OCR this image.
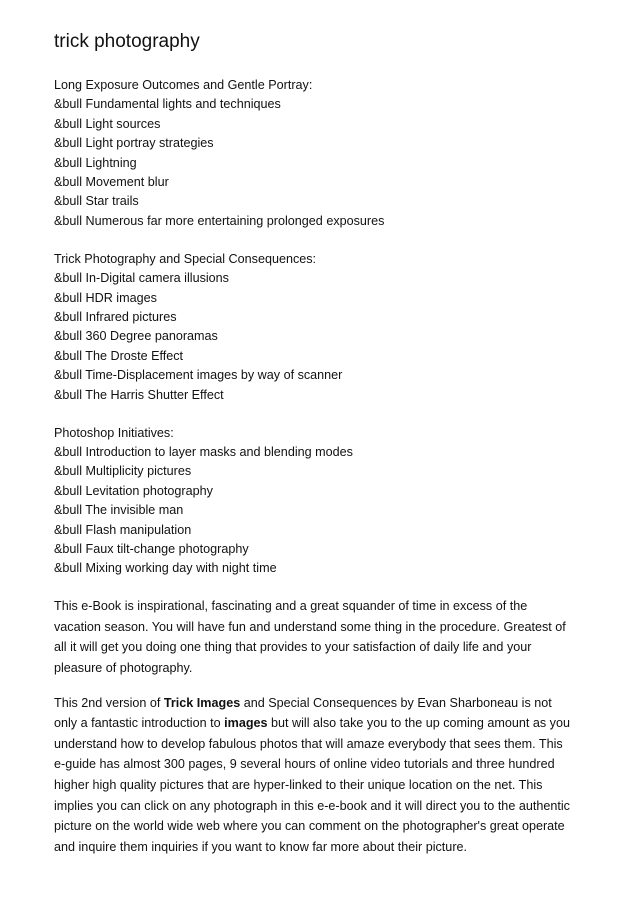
trick photography
Long Exposure Outcomes and Gentle Portray:
&bull Fundamental lights and techniques
&bull Light sources
&bull Light portray strategies
&bull Lightning
&bull Movement blur
&bull Star trails
&bull Numerous far more entertaining prolonged exposures
Trick Photography and Special Consequences:
&bull In-Digital camera illusions
&bull HDR images
&bull Infrared pictures
&bull 360 Degree panoramas
&bull The Droste Effect
&bull Time-Displacement images by way of scanner
&bull The Harris Shutter Effect
Photoshop Initiatives:
&bull Introduction to layer masks and blending modes
&bull Multiplicity pictures
&bull Levitation photography
&bull The invisible man
&bull Flash manipulation
&bull Faux tilt-change photography
&bull Mixing working day with night time
This e-Book is inspirational, fascinating and a great squander of time in excess of the
vacation season. You will have fun and understand some thing in the procedure. Greatest of
all it will get you doing one thing that provides to your satisfaction of daily life and your
pleasure of photography.
This 2nd version of Trick Images and Special Consequences by Evan Sharboneau is not
only a fantastic introduction to images but will also take you to the up coming amount as you
understand how to develop fabulous photos that will amaze everybody that sees them. This
e-guide has almost 300 pages, 9 several hours of online video tutorials and three hundred
higher high quality pictures that are hyper-linked to their unique location on the net. This
implies you can click on any photograph in this e-e-book and it will direct you to the authentic
picture on the world wide web where you can comment on the photographer's great operate
and inquire them inquiries if you want to know far more about their picture.
